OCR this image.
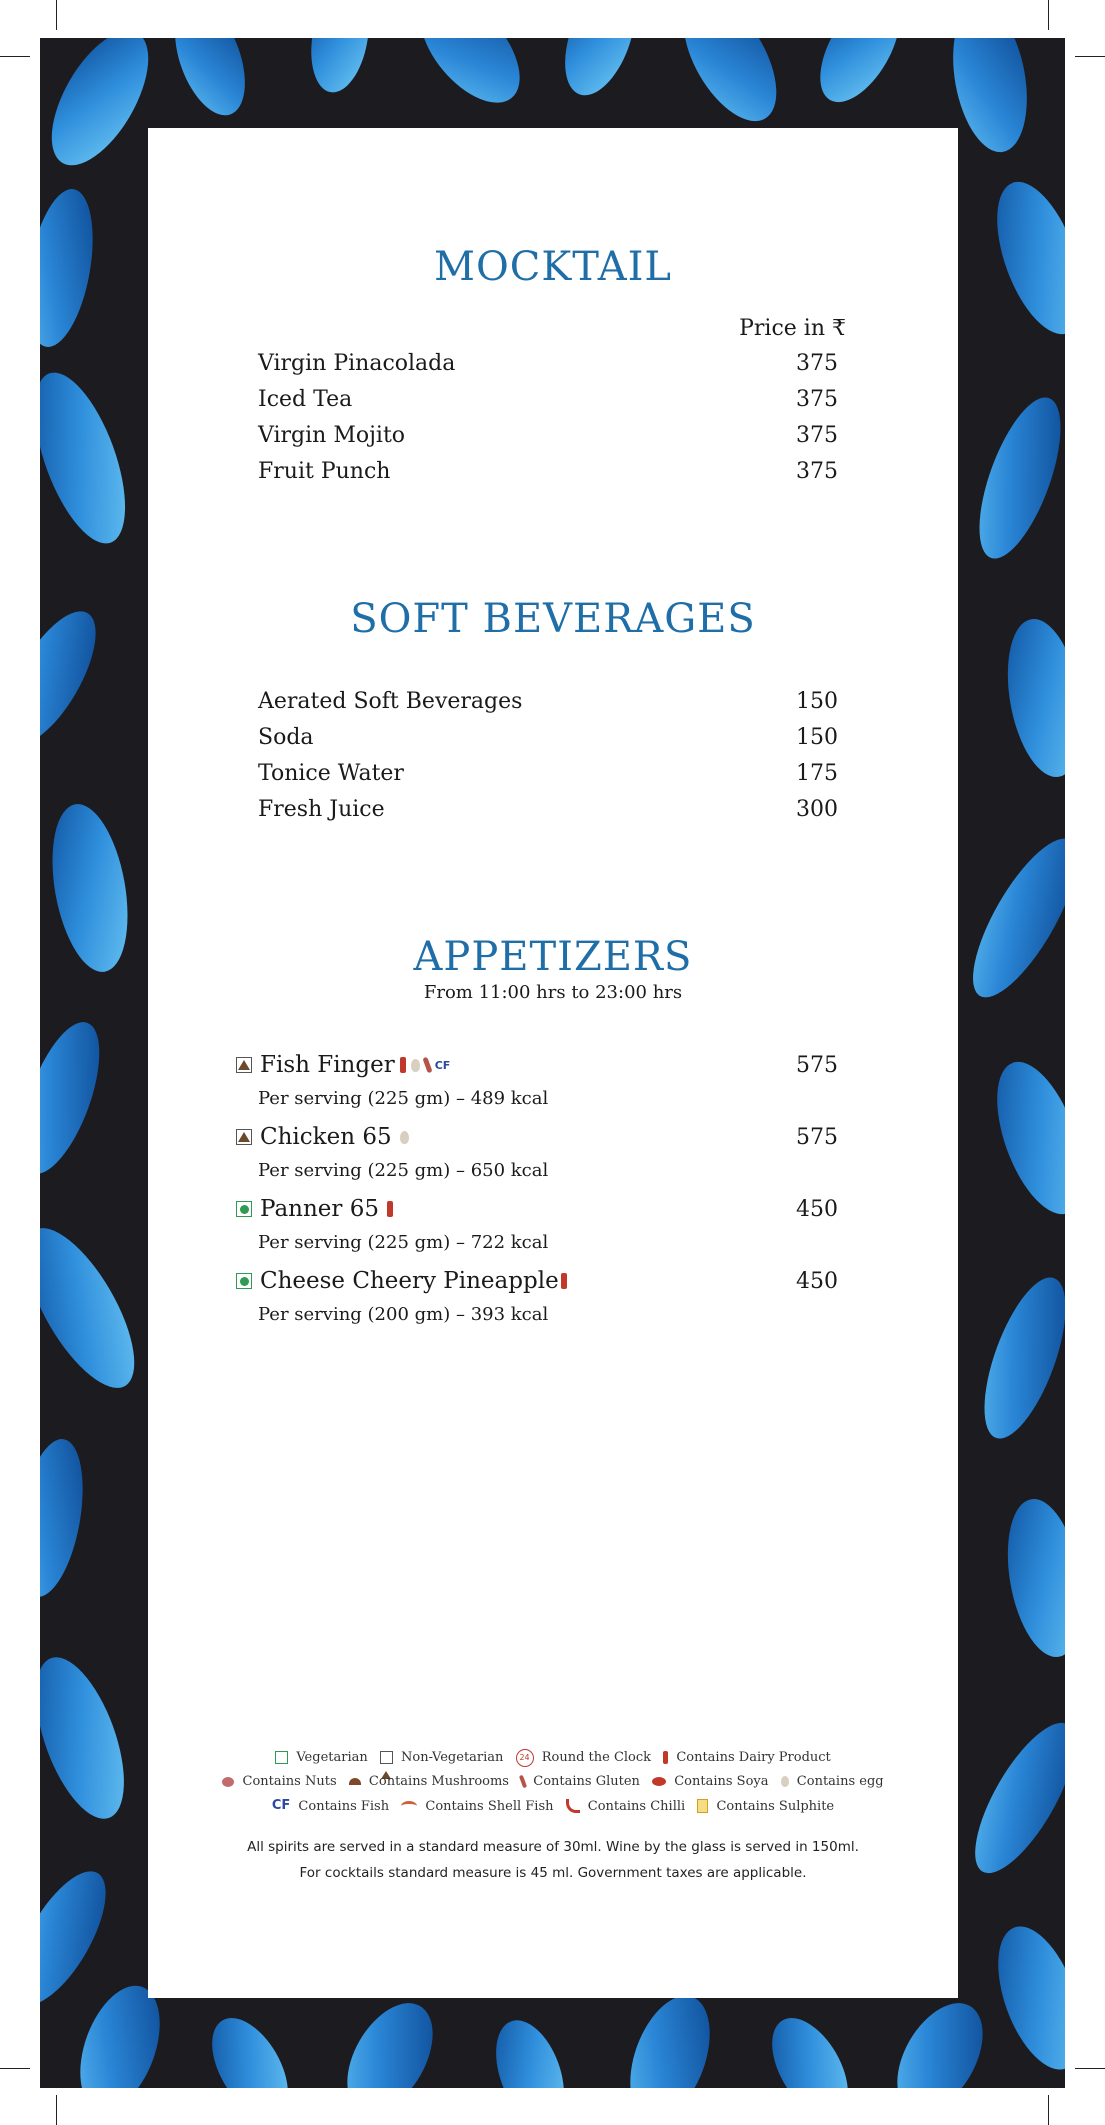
MOCKTAIL
Price in ₹
Virgin Pinacolada	375
Iced Tea	375
Virgin Mojito	375
Fruit Punch	375
SOFT BEVERAGES
Aerated Soft Beverages	150
Soda	150
Tonice Water	175
Fresh Juice	300
APPETIZERS
From 11:00 hrs to 23:00 hrs
Fish Finger	CF	575
Per serving (225 gm) – 489 kcal
Chicken 65	575
Per serving (225 gm) – 650 kcal
Panner 65	450
Per serving (225 gm) – 722 kcal
Cheese Cheery Pineapple	450
Per serving (200 gm) – 393 kcal
Vegetarian	Non-Vegetarian 24 Round the Clock Contains Dairy Product
Contains Nuts Contains Mushrooms Contains Gluten	Contains Soya Contains egg
CF Contains Fish	Contains Shell Fish	Contains Chilli Contains Sulphite
All spirits are served in a standard measure of 30ml. Wine by the glass is served in 150ml.
For cocktails standard measure is 45 ml. Government taxes are applicable.
